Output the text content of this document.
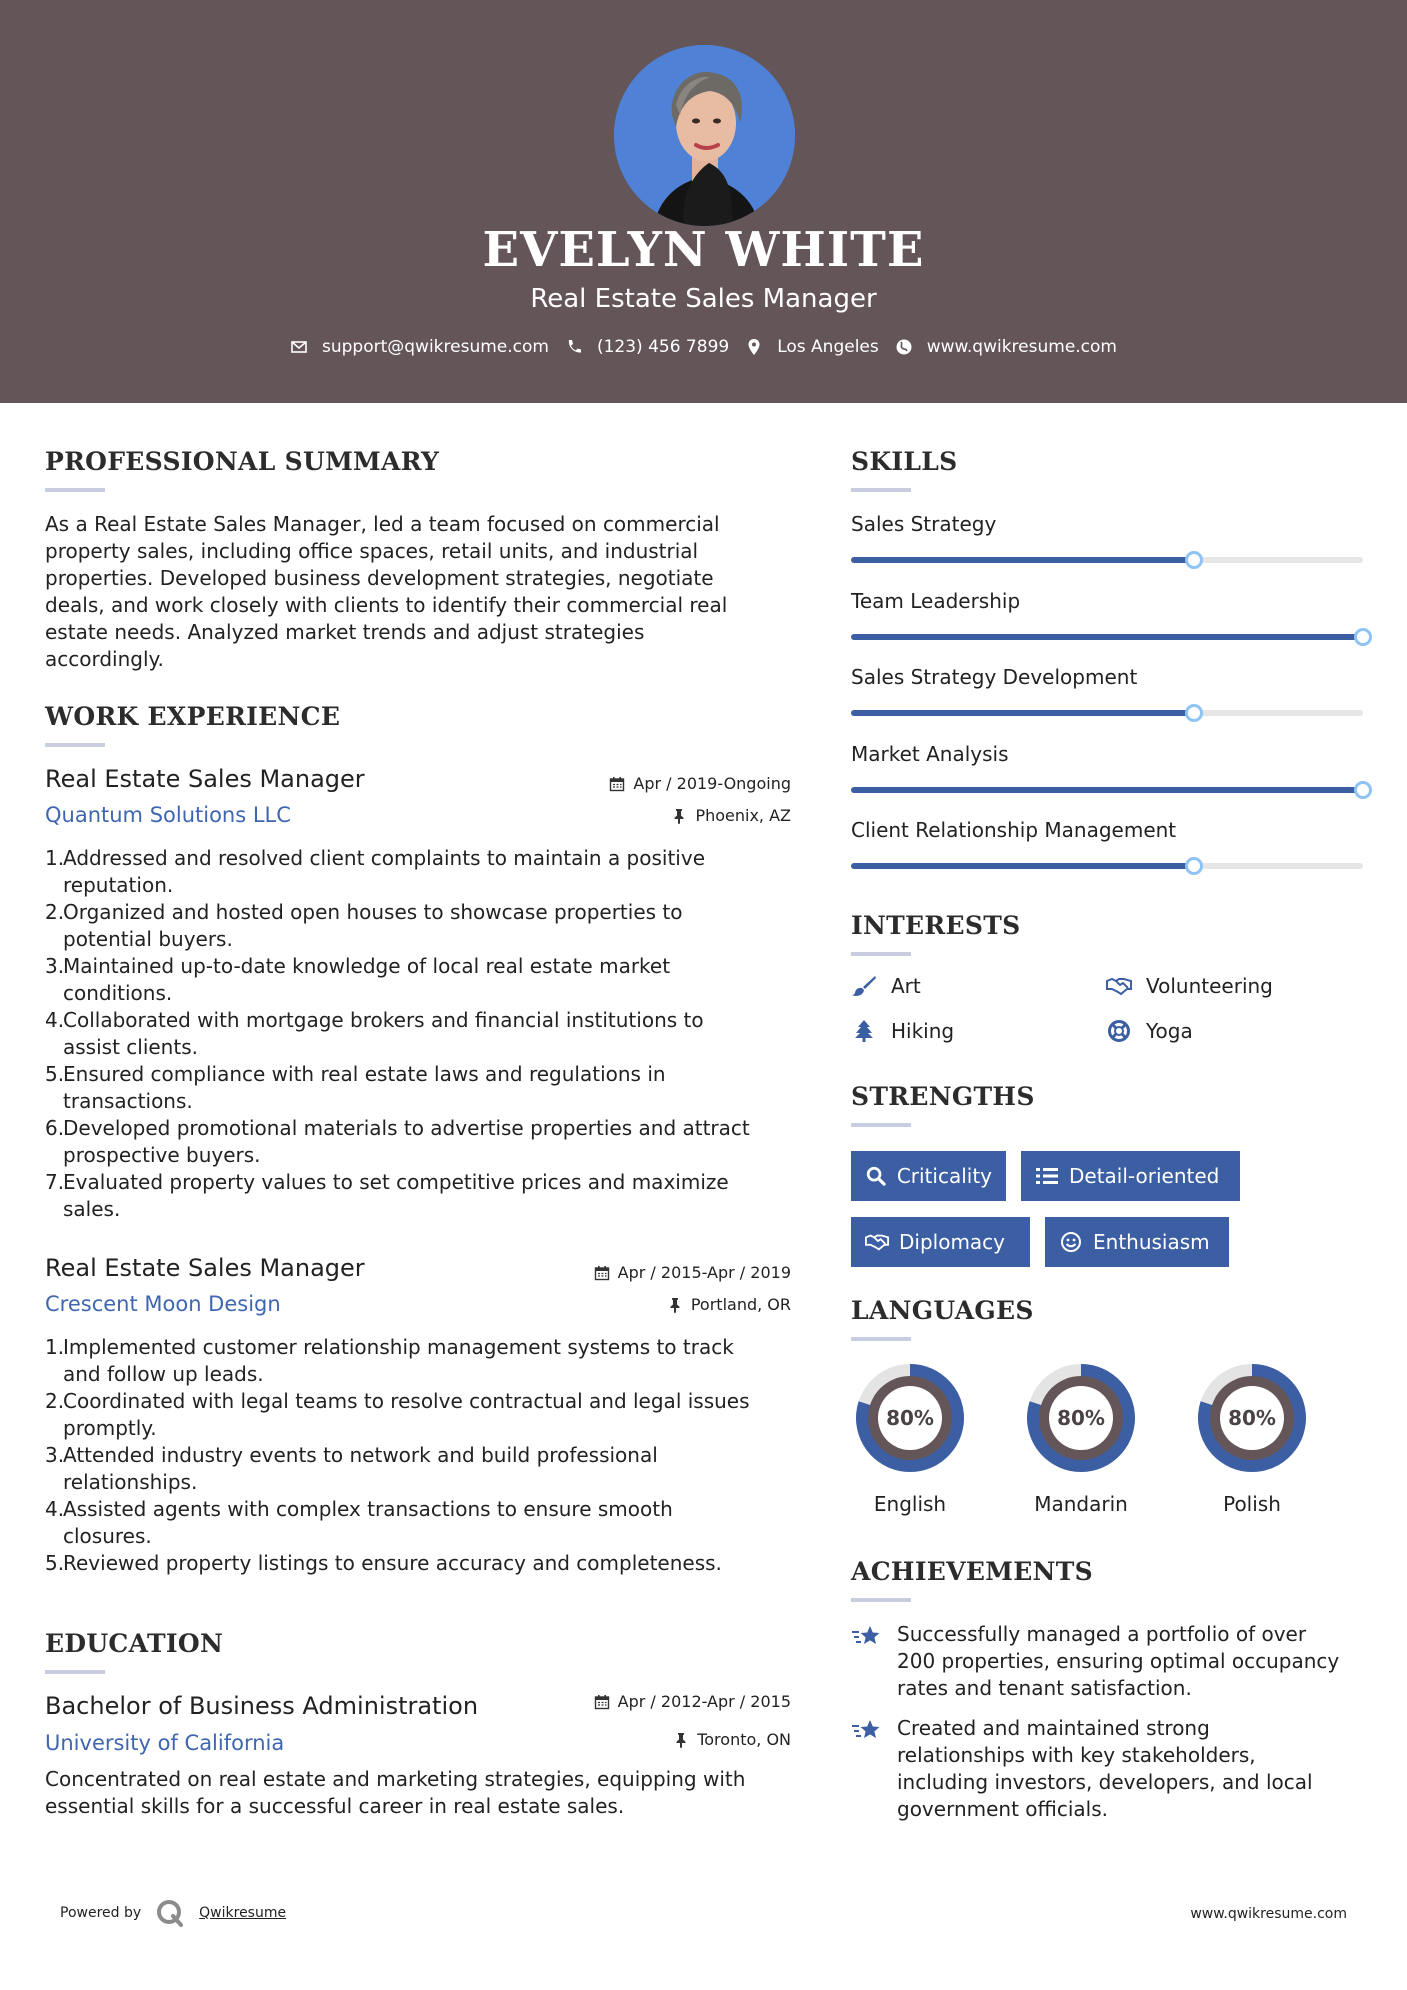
EVELYN WHITE
Real Estate Sales Manager
support@qwikresume.com	(123) 456 7899	Los Angeles	www.qwikresume.com
PROFESSIONAL SUMMARY
As a Real Estate Sales Manager, led a team focused on commercial
property sales, including office spaces, retail units, and industrial
properties. Developed business development strategies, negotiate
deals, and work closely with clients to identify their commercial real
estate needs. Analyzed market trends and adjust strategies
accordingly.
WORK EXPERIENCE
Real Estate Sales Manager
Quantum Solutions LLC
Apr / 2019-Ongoing
Phoenix, AZ
1.
Addressed and resolved client complaints to maintain a positive
reputation.
2.
Organized and hosted open houses to showcase properties to
potential buyers.
3.
Maintained up-to-date knowledge of local real estate market
conditions.
4.
Collaborated with mortgage brokers and financial institutions to
assist clients.
5.
Ensured compliance with real estate laws and regulations in
transactions.
6.
Developed promotional materials to advertise properties and attract
prospective buyers.
7.
Evaluated property values to set competitive prices and maximize
sales.
Real Estate Sales Manager
Crescent Moon Design
Apr / 2015-Apr / 2019
Portland, OR
1.
Implemented customer relationship management systems to track
and follow up leads.
2.
Coordinated with legal teams to resolve contractual and legal issues
promptly.
3.
Attended industry events to network and build professional
relationships.
4.
Assisted agents with complex transactions to ensure smooth
closures.
5.
Reviewed property listings to ensure accuracy and completeness.
EDUCATION
Bachelor of Business Administration
University of California
Apr / 2012-Apr / 2015
Toronto, ON
Concentrated on real estate and marketing strategies, equipping with
essential skills for a successful career in real estate sales.
SKILLS
Sales Strategy
Team Leadership
Sales Strategy Development
Market Analysis
Client Relationship Management
INTERESTS
Art	Volunteering
Hiking	Yoga
STRENGTHS
Criticality	Detail-oriented
Diplomacy	Enthusiasm
LANGUAGES
80%
English
80%
Mandarin
80%
Polish
ACHIEVEMENTS
Successfully managed a portfolio of over
200 properties, ensuring optimal occupancy
rates and tenant satisfaction.
Created and maintained strong
relationships with key stakeholders,
including investors, developers, and local
government officials.
Powered by	Qwikresume	www.qwikresume.com
